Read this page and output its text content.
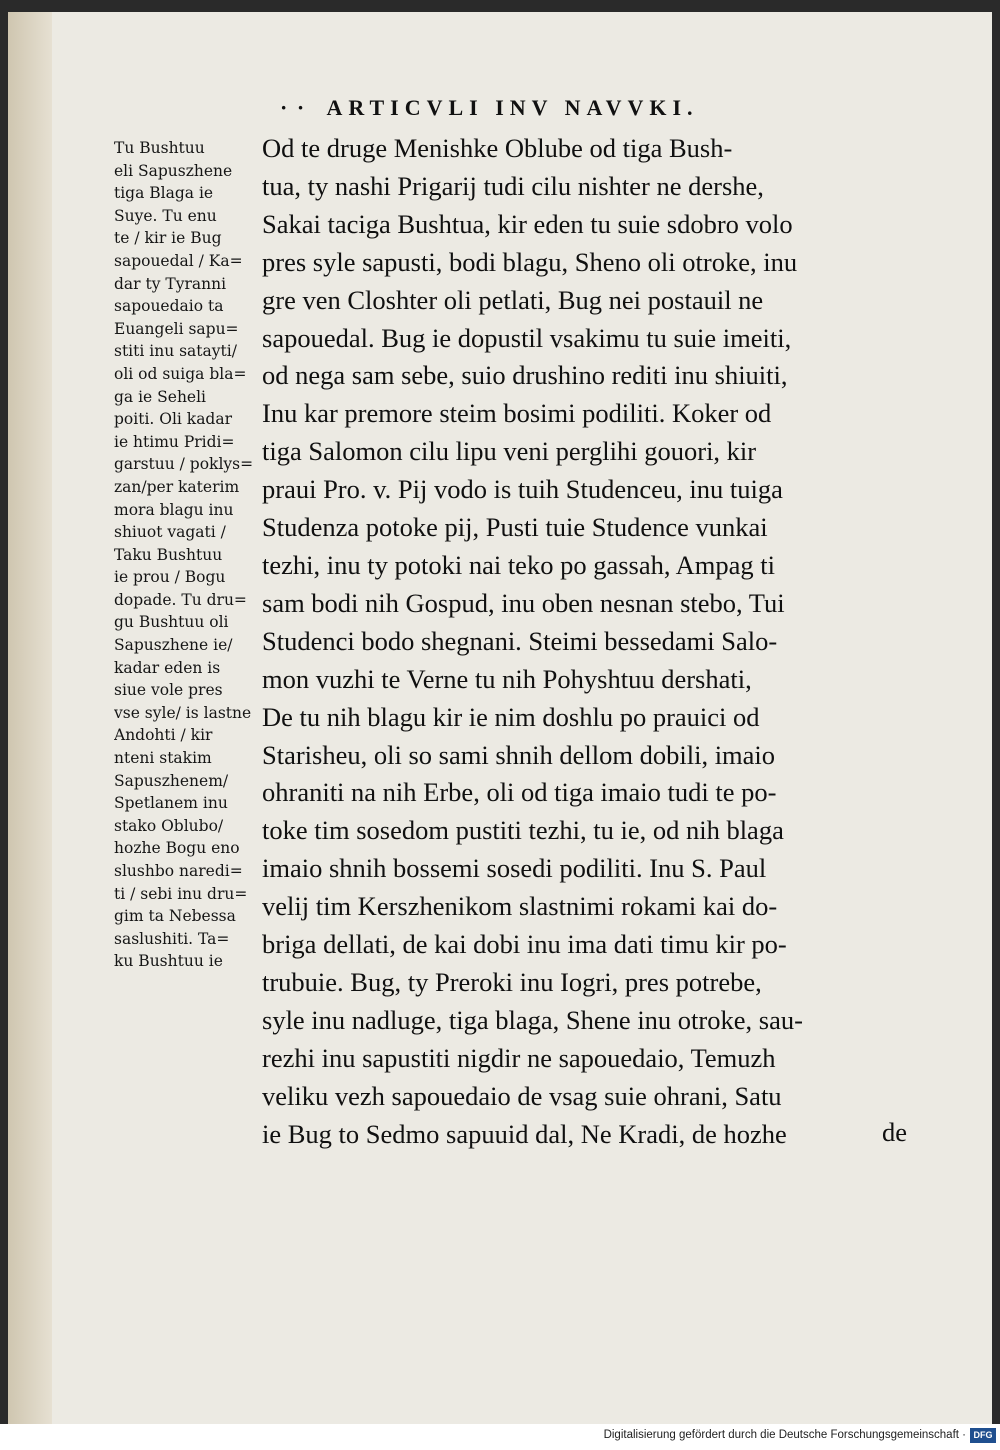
· · ARTICVLI INV NAVVKI.
Tu Bushtuu
eli Sapuszhene
tiga Blaga ie
Suye. Tu enu
te / kir ie Bug
sapouedal / Ka=
dar ty Tyranni
sapouedaio ta
Euangeli sapu=
stiti inu satayti/
oli od suiga bla=
ga ie Seheli
poiti. Oli kadar
ie htimu Pridi=
garstuu / poklys=
zan/per katerim
mora blagu inu
shiuot vagati /
Taku Bushtuu
ie prou / Bogu
dopade. Tu dru=
gu Bushtuu oli
Sapuszhene ie/
kadar eden is
siue vole pres
vse syle/ is lastne
Andohti / kir
nteni stakim
Sapuszhenem/
Spetlanem inu
stako Oblubo/
hozhe Bogu eno
slushbo naredi=
ti / sebi inu dru=
gim ta Nebessa
saslushiti. Ta=
ku Bushtuu ie
Od te druge Menishke Oblube od tiga Bush-
tua, ty nashi Prigarij tudi cilu nishter ne dershe,
Sakai taciga Bushtua, kir eden tu suie sdobro volo
pres syle sapusti, bodi blagu, Sheno oli otroke, inu
gre ven Closhter oli petlati, Bug nei postauil ne
sapouedal. Bug ie dopustil vsakimu tu suie imeiti,
od nega sam sebe, suio drushino rediti inu shiuiti,
Inu kar premore steim bosimi podiliti. Koker od
tiga Salomon cilu lipu veni perglihi gouori, kir
praui Pro. v. Pij vodo is tuih Studenceu, inu tuiga
Studenza potoke pij, Pusti tuie Studence vunkai
tezhi, inu ty potoki nai teko po gassah, Ampag ti
sam bodi nih Gospud, inu oben nesnan stebo, Tui
Studenci bodo shegnani. Steimi bessedami Salo-
mon vuzhi te Verne tu nih Pohyshtuu dershati,
De tu nih blagu kir ie nim doshlu po prauici od
Starisheu, oli so sami shnih dellom dobili, imaio
ohraniti na nih Erbe, oli od tiga imaio tudi te po-
toke tim sosedom pustiti tezhi, tu ie, od nih blaga
imaio shnih bossemi sosedi podiliti. Inu S. Paul
velij tim Kerszhenikom slastnimi rokami kai do-
briga dellati, de kai dobi inu ima dati timu kir po-
trubuie. Bug, ty Preroki inu Iogri, pres potrebe,
syle inu nadluge, tiga blaga, Shene inu otroke, sau-
rezhi inu sapustiti nigdir ne sapouedaio, Temuzh
veliku vezh sapouedaio de vsag suie ohrani, Satu
ie Bug to Sedmo sapuuid dal, Ne Kradi, de hozhe	de
Digitalisierung gefördert durch die Deutsche Forschungsgemeinschaft · DFG
